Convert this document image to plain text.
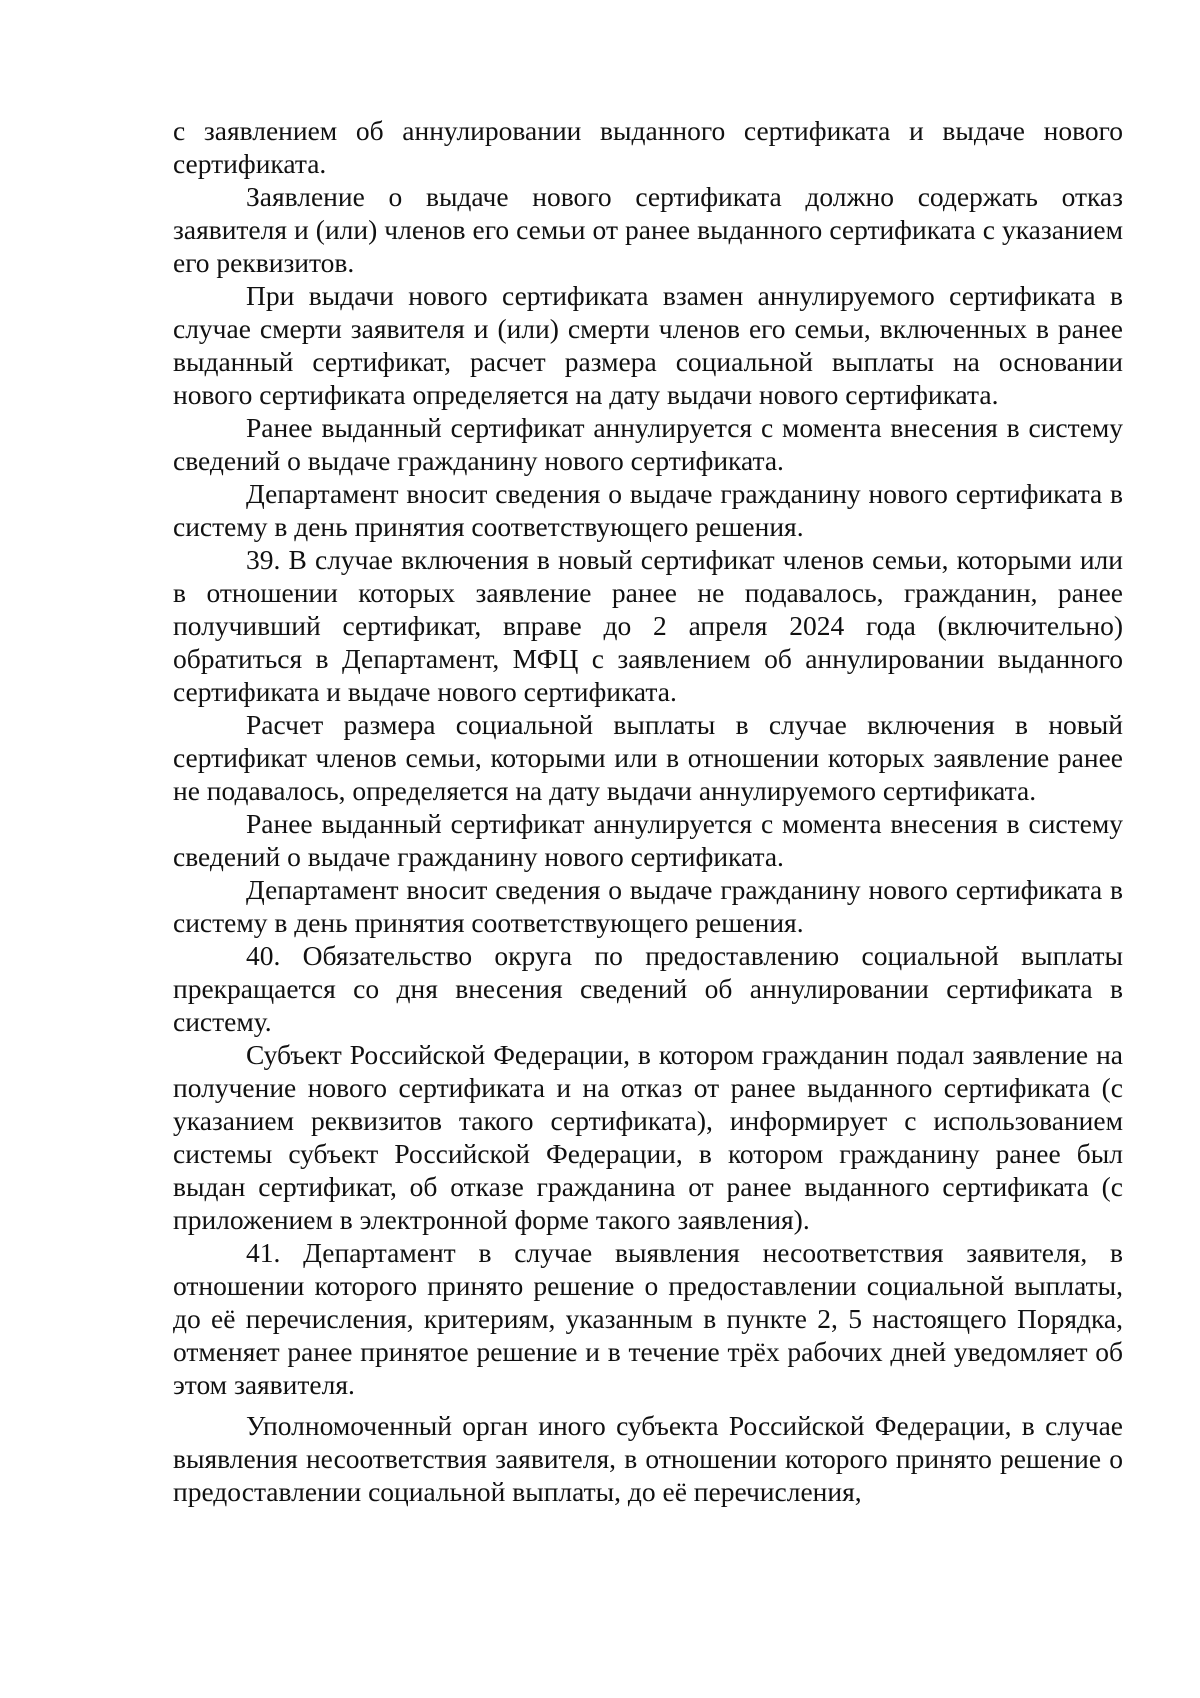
с заявлением об аннулировании выданного сертификата и выдаче нового сертификата.

Заявление о выдаче нового сертификата должно содержать отказ заявителя и (или) членов его семьи от ранее выданного сертификата с указанием его реквизитов.

При выдачи нового сертификата взамен аннулируемого сертификата в случае смерти заявителя и (или) смерти членов его семьи, включенных в ранее выданный сертификат, расчет размера социальной выплаты на основании нового сертификата определяется на дату выдачи нового сертификата.

Ранее выданный сертификат аннулируется с момента внесения в систему сведений о выдаче гражданину нового сертификата.

Департамент вносит сведения о выдаче гражданину нового сертификата в систему в день принятия соответствующего решения.

39. В случае включения в новый сертификат членов семьи, которыми или в отношении которых заявление ранее не подавалось, гражданин, ранее получивший сертификат, вправе до 2 апреля 2024 года (включительно) обратиться в Департамент, МФЦ с заявлением об аннулировании выданного сертификата и выдаче нового сертификата.

Расчет размера социальной выплаты в случае включения в новый сертификат членов семьи, которыми или в отношении которых заявление ранее не подавалось, определяется на дату выдачи аннулируемого сертификата.

Ранее выданный сертификат аннулируется с момента внесения в систему сведений о выдаче гражданину нового сертификата.

Департамент вносит сведения о выдаче гражданину нового сертификата в систему в день принятия соответствующего решения.

40. Обязательство округа по предоставлению социальной выплаты прекращается со дня внесения сведений об аннулировании сертификата в систему.

Субъект Российской Федерации, в котором гражданин подал заявление на получение нового сертификата и на отказ от ранее выданного сертификата (с указанием реквизитов такого сертификата), информирует с использованием системы субъект Российской Федерации, в котором гражданину ранее был выдан сертификат, об отказе гражданина от ранее выданного сертификата (с приложением в электронной форме такого заявления).

41. Департамент в случае выявления несоответствия заявителя, в отношении которого принято решение о предоставлении социальной выплаты, до её перечисления, критериям, указанным в пункте 2, 5 настоящего Порядка, отменяет ранее принятое решение и в течение трёх рабочих дней уведомляет об этом заявителя.

Уполномоченный орган иного субъекта Российской Федерации, в случае выявления несоответствия заявителя, в отношении которого принято решение о предоставлении социальной выплаты, до её перечисления,
